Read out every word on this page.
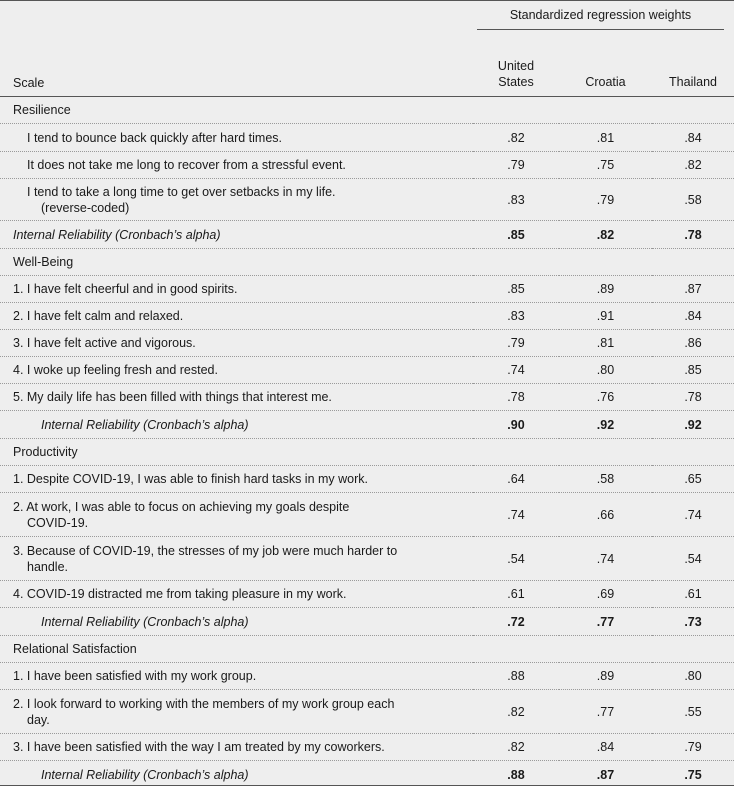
	Standardized regression weights		

Scale	United States	Croatia	Thailand
Resilience			
I tend to bounce back quickly after hard times.	.82	.81	.84
It does not take me long to recover from a stressful event.	.79	.75	.82

I tend to take a long time to get over setbacks in my life.
(reverse-coded)	.83	.79	.58
Internal Reliability (Cronbach’s alpha)	.85	.82	.78
Well-Being			
1. I have felt cheerful and in good spirits.	.85	.89	.87
2. I have felt calm and relaxed.	.83	.91	.84
3. I have felt active and vigorous.	.79	.81	.86
4. I woke up feeling fresh and rested.	.74	.80	.85
5. My daily life has been filled with things that interest me.	.78	.76	.78
Internal Reliability (Cronbach’s alpha)	.90	.92	.92
Productivity			
1. Despite COVID-19, I was able to finish hard tasks in my work.	.64	.58	.65

2. At work, I was able to focus on achieving my goals despite
COVID-19.	.74	.66	.74

3. Because of COVID-19, the stresses of my job were much harder to
handle.	.54	.74	.54
4. COVID-19 distracted me from taking pleasure in my work.	.61	.69	.61
Internal Reliability (Cronbach’s alpha)	.72	.77	.73
Relational Satisfaction			
1. I have been satisfied with my work group.	.88	.89	.80

2. I look forward to working with the members of my work group each
day.	.82	.77	.55
3. I have been satisfied with the way I am treated by my coworkers.	.82	.84	.79
Internal Reliability (Cronbach’s alpha)	.88	.87	.75
